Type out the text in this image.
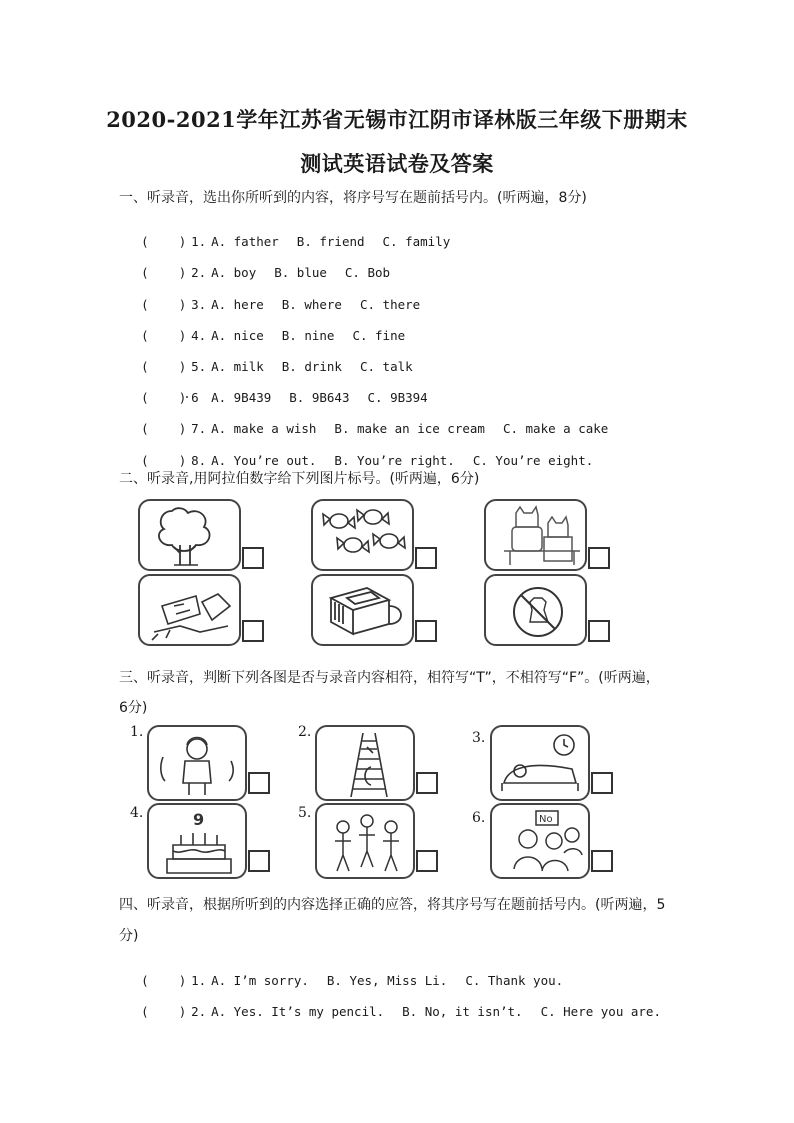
2020-2021学年江苏省无锡市江阴市译林版三年级下册期末
测试英语试卷及答案
一、听录音，选出你所听到的内容，将序号写在题前括号内。(听两遍，8分)

(    ) 1. A. father B. friend C. family

(    ) 2. A. boy B. blue C. Bob

(    ) 3. A. here B. where C. there

(    ) 4. A. nice B. nine C. fine

(    ) 5. A. milk B. drink C. talk

(    ) 6 A. 9B439 B. 9B643 C. 9B394

(    ) 7. A. make a wish B. make an ice cream C. make a cake

(    ) 8. A. You’re out. B. You’re right. C. You’re eight.

二、听录音,用阿拉伯数字给下列图片标号。(听两遍，6分)
三、听录音，判断下列各图是否与录音内容相符，相符写“T”，不相符写“F”。(听两遍，
6分)
1.	2.	3.
4.	9	5.	6.	No
四、听录音，根据所听到的内容选择正确的应答，将其序号写在题前括号内。(听两遍，5
分)

(    ) 1. A. I’m sorry. B. Yes, Miss Li. C. Thank you.

(    ) 2. A. Yes. It’s my pencil. B. No, it isn’t. C. Here you are.
